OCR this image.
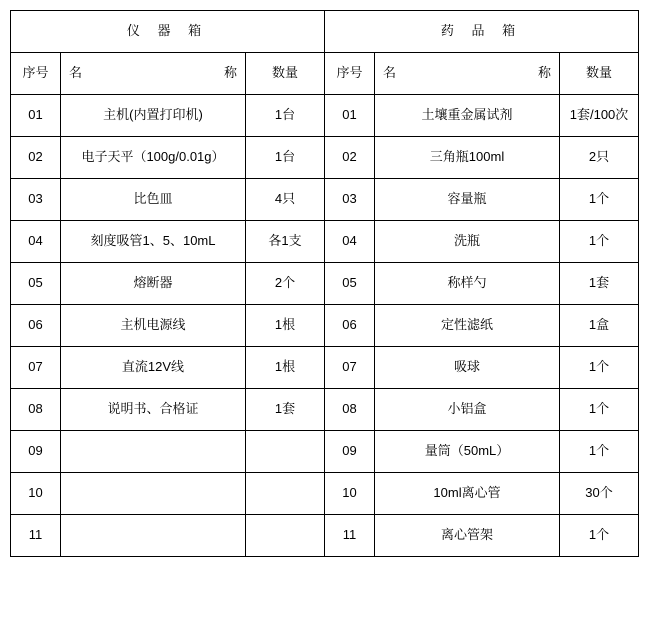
仪 器 箱			药 品 箱		
序号	名 称	数量	序号	名 称	数量
01	主机(内置打印机)	1台	01	土壤重金属试剂	1套/100次
02	电子天平（100g/0.01g）	1台	02	三角瓶100ml	2只
03	比色皿	4只	03	容量瓶	1个
04	刻度吸管1、5、10mL	各1支	04	洗瓶	1个
05	熔断器	2个	05	称样勺	1套
06	主机电源线	1根	06	定性滤纸	1盒
07	直流12V线	1根	07	吸球	1个
08	说明书、合格证	1套	08	小铝盒	1个
09			09	量筒（50mL）	1个
10			10	10ml离心管	30个
11			11	离心管架	1个
